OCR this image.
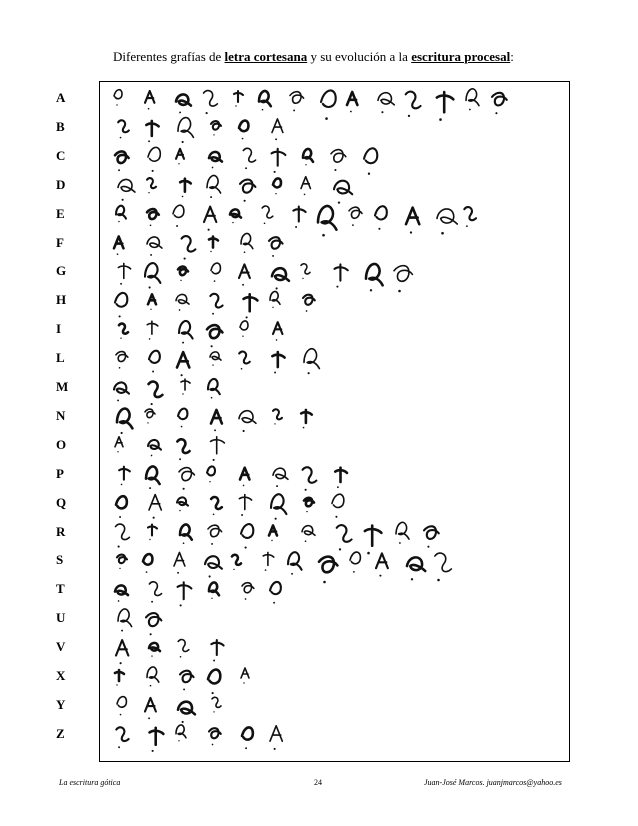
Diferentes grafías de letra cortesana y su evolución a la escritura procesal:
A
B
C
D
E
F
G
H
I
L
M
N
O
P
Q
R
S
T
U
V
X
Y
Z
La escritura gótica	24	Juan-José Marcos. juanjmarcos@yahoo.es
